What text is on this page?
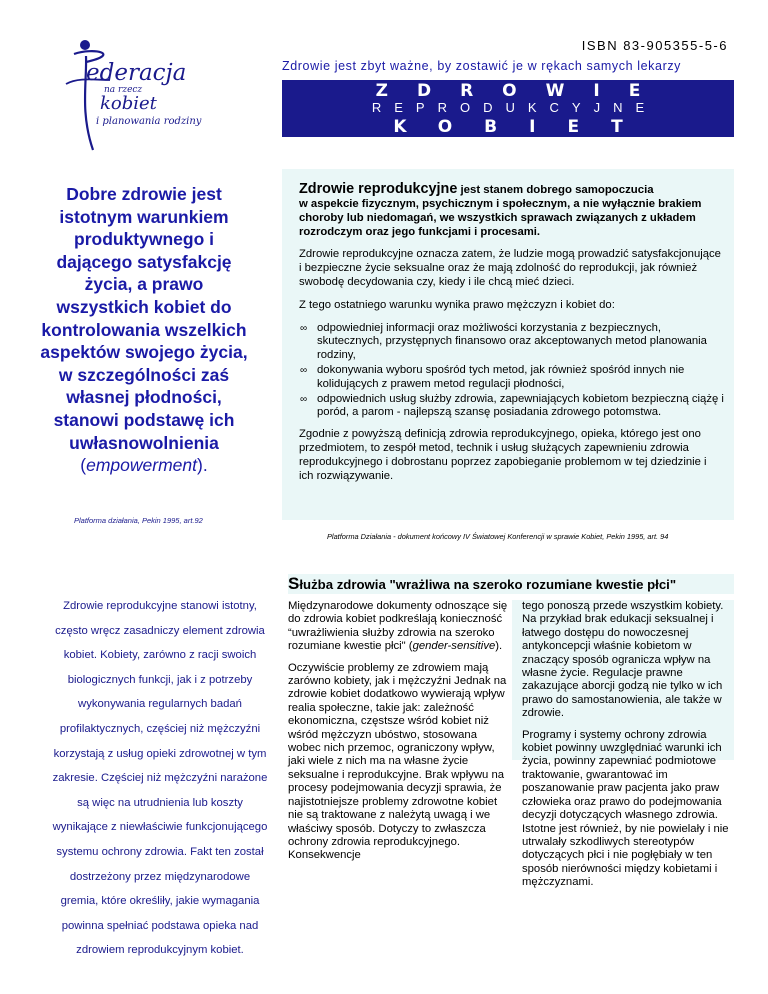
ISBN 83-905355-5-6
Zdrowie jest zbyt ważne, by zostawić je w rękach samych lekarzy
ZDROWIE
REPRODUKCYJNE
KOBIET
ederacja
na rzecz
kobiet
i planowania rodziny
Dobre zdrowie jest istotnym warunkiem produktywnego i dającego satysfakcję życia, a prawo wszystkich kobiet do kontrolowania wszelkich aspektów swojego życia, w szczególności zaś własnej płodności, stanowi podstawę ich uwłasnowolnienia (empowerment).
Platforma działania, Pekin 1995, art.92
Zdrowie reprodukcyjne jest stanem dobrego samopoczucia
w aspekcie fizycznym, psychicznym i społecznym, a nie wyłącznie brakiem choroby lub niedomagań, we wszystkich sprawach związanych z układem rozrodczym oraz jego funkcjami i procesami.

Zdrowie reprodukcyjne oznacza zatem, że ludzie mogą prowadzić satysfakcjonujące i bezpieczne życie seksualne oraz że mają zdolność do reprodukcji, jak również swobodę decydowania czy, kiedy i ile chcą mieć dzieci.

Z tego ostatniego warunku wynika prawo mężczyzn i kobiet do:

∞ odpowiedniej informacji oraz możliwości korzystania z bezpiecznych, skutecznych, przystępnych finansowo oraz akceptowanych metod planowania rodziny,
∞ dokonywania wyboru spośród tych metod, jak również spośród innych nie kolidujących z prawem metod regulacji płodności,
∞ odpowiednich usług służby zdrowia, zapewniających kobietom bezpieczną ciążę i poród, a parom - najlepszą szansę posiadania zdrowego potomstwa.

Zgodnie z powyższą definicją zdrowia reprodukcyjnego, opieka, którego jest ono przedmiotem, to zespół metod, technik i usług służących zapewnieniu zdrowia reprodukcyjnego i dobrostanu poprzez zapobieganie problemom w tej dziedzinie i ich rozwiązywanie.

Platforma Działania - dokument końcowy IV Światowej Konferencji w sprawie Kobiet, Pekin 1995, art. 94
Zdrowie reprodukcyjne stanowi istotny, często wręcz zasadniczy element zdrowia kobiet. Kobiety, zarówno z racji swoich biologicznych funkcji, jak i z potrzeby wykonywania regularnych badań profilaktycznych, częściej niż mężczyźni korzystają z usług opieki zdrowotnej w tym zakresie. Częściej niż mężczyźni narażone są więc na utrudnienia lub koszty wynikające z niewłaściwie funkcjonującego systemu ochrony zdrowia. Fakt ten został dostrzeżony przez międzynarodowe gremia, które określiły, jakie wymagania powinna spełniać podstawa opieka nad zdrowiem reprodukcyjnym kobiet.
Służba zdrowia "wrażliwa na szeroko rozumiane kwestie płci"

Międzynarodowe dokumenty odnoszące się do zdrowia kobiet podkreślają konieczność “uwrażliwienia służby zdrowia na szeroko rozumiane kwestie płci" (gender-sensitive).

Oczywiście problemy ze zdrowiem mają zarówno kobiety, jak i mężczyźni Jednak na zdrowie kobiet dodatkowo wywierają wpływ realia społeczne, takie jak: zależność ekonomiczna, częstsze wśród kobiet niż wśród mężczyzn ubóstwo, stosowana wobec nich przemoc, ograniczony wpływ, jaki wiele z nich ma na własne życie seksualne i reprodukcyjne. Brak wpływu na procesy podejmowania decyzji sprawia, że najistotniejsze problemy zdrowotne kobiet nie są traktowane z należytą uwagą i we właściwy sposób. Dotyczy to zwłaszcza ochrony zdrowia reprodukcyjnego. Konsekwencje

tego ponoszą przede wszystkim kobiety. Na przykład brak edukacji seksualnej i łatwego dostępu do nowoczesnej antykoncepcji właśnie kobietom w znaczący sposób ogranicza wpływ na własne życie. Regulacje prawne zakazujące aborcji godzą nie tylko w ich prawo do samostanowienia, ale także w zdrowie.

Programy i systemy ochrony zdrowia kobiet powinny uwzględniać warunki ich życia, powinny zapewniać podmiotowe traktowanie, gwarantować im poszanowanie praw pacjenta jako praw człowieka oraz prawo do podejmowania decyzji dotyczących własnego zdrowia. Istotne jest również, by nie powielały i nie utrwalały szkodliwych stereotypów dotyczących płci i nie pogłębiały w ten sposób nierówności między kobietami i mężczyznami.
